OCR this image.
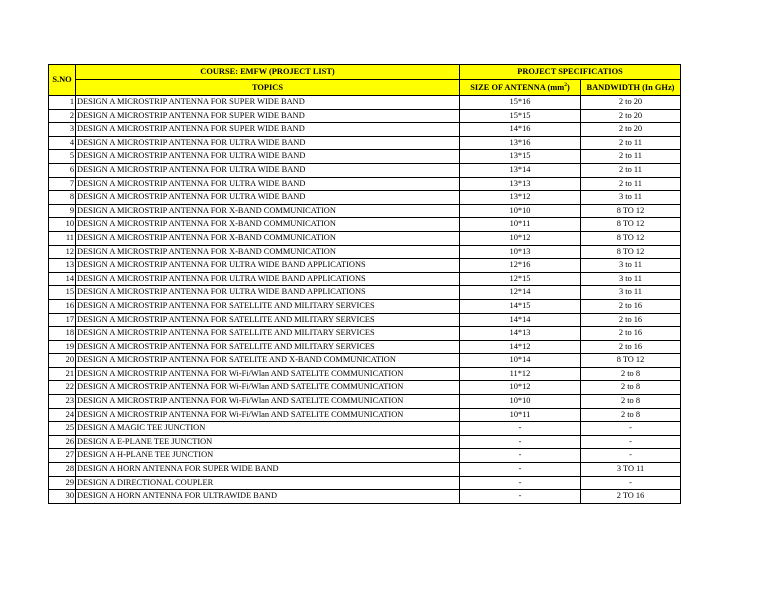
S.NO	COURSE: EMFW (PROJECT LIST)	PROJECT SPECIFICATIOS	
	TOPICS	SIZE OF ANTENNA $(mm^2)$	BANDWIDTH (In GHz)
1	DESIGN A MICROSTRIP ANTENNA FOR SUPER WIDE BAND	15*16	2 to 20
2	DESIGN A MICROSTRIP ANTENNA FOR SUPER WIDE BAND	15*15	2 to 20
3	DESIGN A MICROSTRIP ANTENNA FOR SUPER WIDE BAND	14*16	2 to 20
4	DESIGN A MICROSTRIP ANTENNA FOR ULTRA WIDE BAND	13*16	2 to 11
5	DESIGN A MICROSTRIP ANTENNA FOR ULTRA WIDE BAND	13*15	2 to 11
6	DESIGN A MICROSTRIP ANTENNA FOR ULTRA WIDE BAND	13*14	2 to 11
7	DESIGN A MICROSTRIP ANTENNA FOR ULTRA WIDE BAND	13*13	2 to 11
8	DESIGN A MICROSTRIP ANTENNA FOR ULTRA WIDE BAND	13*12	3 to 11
9	DESIGN A MICROSTRIP ANTENNA FOR X-BAND COMMUNICATION	10*10	8 TO 12
10	DESIGN A MICROSTRIP ANTENNA FOR X-BAND COMMUNICATION	10*11	8 TO 12
11	DESIGN A MICROSTRIP ANTENNA FOR X-BAND COMMUNICATION	10*12	8 TO 12
12	DESIGN A MICROSTRIP ANTENNA FOR X-BAND COMMUNICATION	10*13	8 TO 12
13	DESIGN A MICROSTRIP ANTENNA FOR ULTRA WIDE BAND APPLICATIONS	12*16	3 to 11
14	DESIGN A MICROSTRIP ANTENNA FOR ULTRA WIDE BAND APPLICATIONS	12*15	3 to 11
15	DESIGN A MICROSTRIP ANTENNA FOR ULTRA WIDE BAND APPLICATIONS	12*14	3 to 11
16	DESIGN A MICROSTRIP ANTENNA FOR SATELLITE AND MILITARY SERVICES	14*15	2 to 16
17	DESIGN A MICROSTRIP ANTENNA FOR SATELLITE AND MILITARY SERVICES	14*14	2 to 16
18	DESIGN A MICROSTRIP ANTENNA FOR SATELLITE AND MILITARY SERVICES	14*13	2 to 16
19	DESIGN A MICROSTRIP ANTENNA FOR SATELLITE AND MILITARY SERVICES	14*12	2 to 16
20	DESIGN A MICROSTRIP ANTENNA FOR SATELITE AND X-BAND COMMUNICATION	10*14	8 TO 12
21	DESIGN A MICROSTRIP ANTENNA FOR Wi-Fi/Wlan AND SATELITE COMMUNICATION	11*12	2 to 8
22	DESIGN A MICROSTRIP ANTENNA FOR Wi-Fi/Wlan AND SATELITE COMMUNICATION	10*12	2 to 8
23	DESIGN A MICROSTRIP ANTENNA FOR Wi-Fi/Wlan AND SATELITE COMMUNICATION	10*10	2 to 8
24	DESIGN A MICROSTRIP ANTENNA FOR Wi-Fi/Wlan AND SATELITE COMMUNICATION	10*11	2 to 8
25	DESIGN A MAGIC TEE JUNCTION	-	-
26	DESIGN A E-PLANE TEE JUNCTION	-	-
27	DESIGN A H-PLANE TEE JUNCTION	-	-
28	DESIGN A HORN ANTENNA FOR SUPER WIDE BAND	-	3 TO 11
29	DESIGN A DIRECTIONAL COUPLER	-	-
30	DESIGN A HORN ANTENNA FOR ULTRAWIDE BAND	-	2 TO 16
